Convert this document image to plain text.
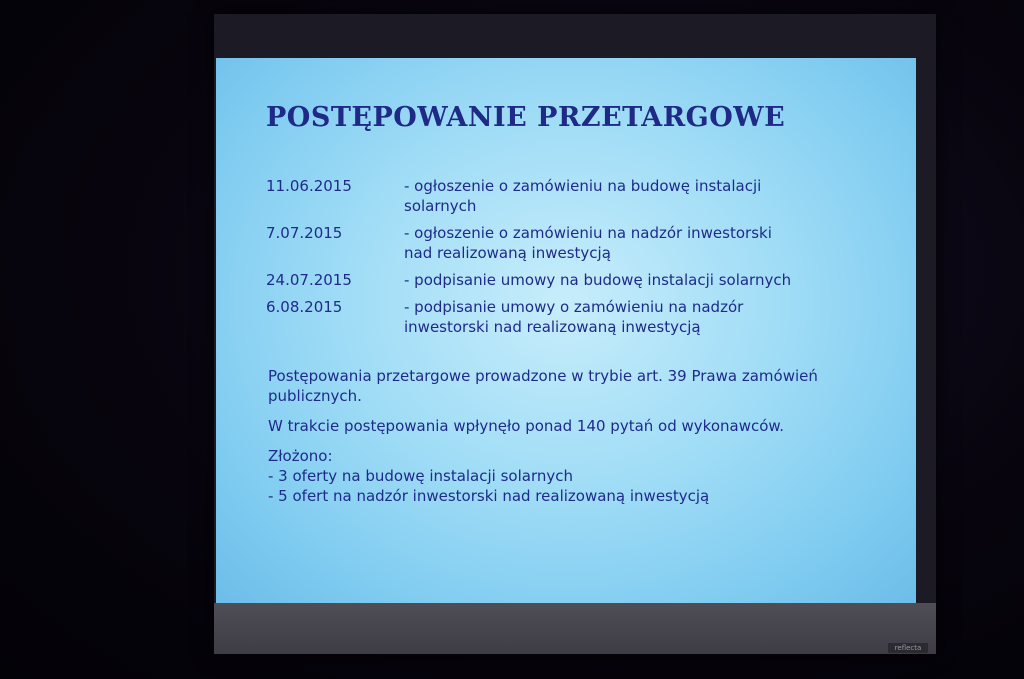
POSTĘPOWANIE PRZETARGOWE
11.06.2015	- ogłoszenie o zamówieniu na budowę instalacji solarnych
7.07.2015	- ogłoszenie o zamówieniu na nadzór inwestorski nad realizowaną inwestycją
24.07.2015	- podpisanie umowy na budowę instalacji solarnych
6.08.2015	- podpisanie umowy o zamówieniu na nadzór inwestorski nad realizowaną inwestycją

Postępowania przetargowe prowadzone w trybie art. 39 Prawa zamówień publicznych.

W trakcie postępowania wpłynęło ponad 140 pytań od wykonawców.

Złożono:
- 3 oferty na budowę instalacji solarnych
- 5 ofert na nadzór inwestorski nad realizowaną inwestycją
reflecta
